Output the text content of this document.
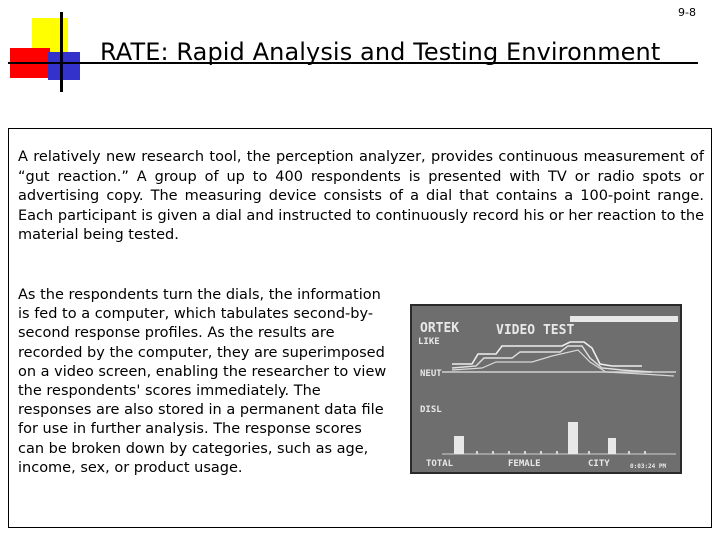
9-8
RATE: Rapid Analysis and Testing Environment
A relatively new research tool, the perception analyzer, provides continuous measurement of “gut reaction.” A group of up to 400 respondents is presented with TV or radio spots or advertising copy. The measuring device consists of a dial that contains a 100-point range. Each participant is given a dial and instructed to continuously record his or her reaction to the material being tested.
As the respondents turn the dials, the information is fed to a computer, which tabulates second-by-second response profiles. As the results are recorded by the computer, they are superimposed on a video screen, enabling the researcher to view the respondents' scores immediately. The responses are also stored in a permanent data file for use in further analysis. The response scores can be broken down by categories, such as age, income, sex, or product usage.
ORTEK	VIDEO TEST
LIKE
NEUT
DISL
TOTAL	FEMALE	CITY	0:03:24 PM
